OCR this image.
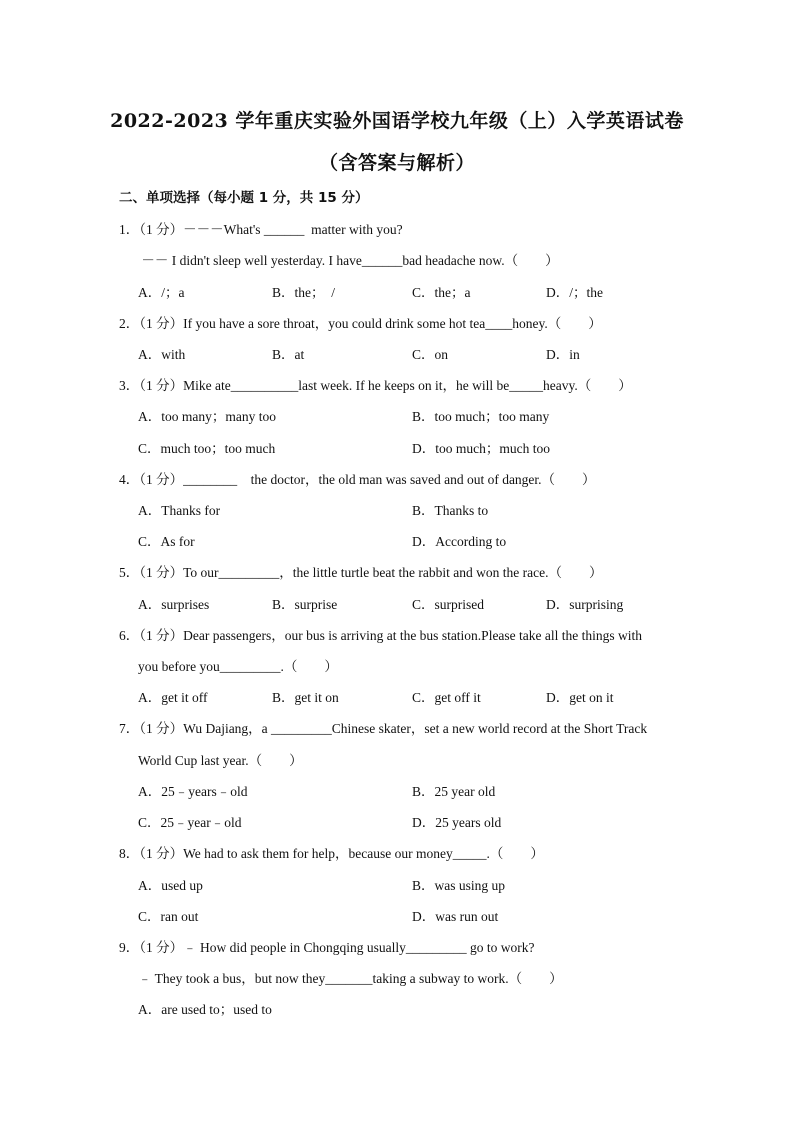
2022-2023 学年重庆实验外国语学校九年级（上）入学英语试卷
（含答案与解析）
二、单项选择（每小题 1 分，共 15 分）
1．（1 分）－－－What's ______  matter with you?
－－ I didn't sleep well yesterday. I have______bad headache now.（　　）
A．/；a	B．the；  /	C．the；a	D．/；the
2．（1 分）If you have a sore throat，you could drink some hot tea____honey.（　　）
A．with	B．at	C．on	D．in
3．（1 分）Mike ate__________last week. If he keeps on it，he will be_____heavy.（　　）
A．too many；many too	B．too much；too many
C．much too；too much	D．too much；much too
4．（1 分）________    the doctor，the old man was saved and out of danger.（　　）
A．Thanks for	B．Thanks to
C．As for	D．According to
5．（1 分）To our_________，the little turtle beat the rabbit and won the race.（　　）
A．surprises	B．surprise	C．surprised	D．surprising
6．（1 分）Dear passengers，our bus is arriving at the bus station.Please take all the things with
you before you_________.（　　）
A．get it off	B．get it on	C．get off it	D．get on it
7．（1 分）Wu Dajiang，a _________Chinese skater，set a new world record at the Short Track
World Cup last year.（　　）
A．25﹣years﹣old	B．25 year old
C．25﹣year﹣old	D．25 years old
8．（1 分）We had to ask them for help，because our money_____.（　　）
A．used up	B．was using up
C．ran out	D．was run out
9．（1 分）﹣ How did people in Chongqing usually_________ go to work?
﹣ They took a bus，but now they_______taking a subway to work.（　　）
A．are used to；used to
